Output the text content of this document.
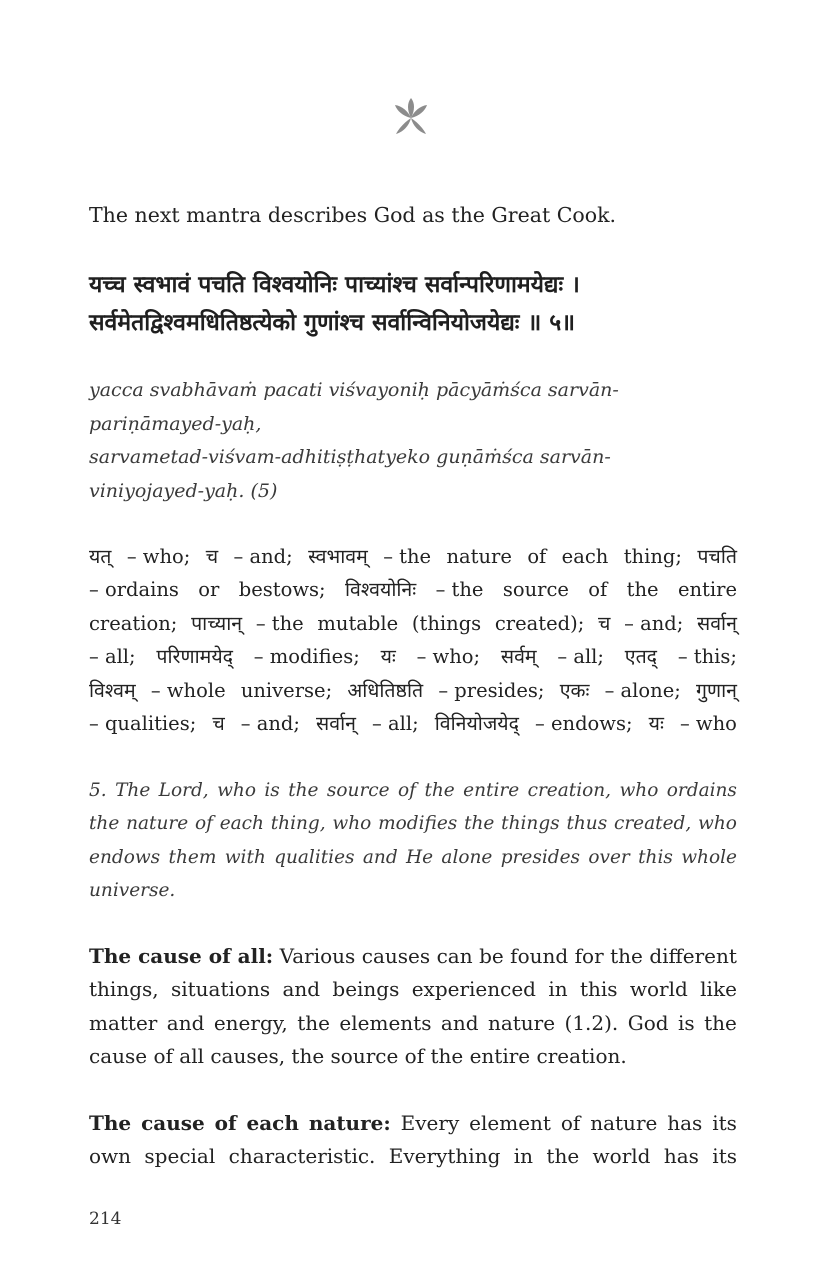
The next mantra describes God as the Great Cook.
यच्च स्वभावं पचति विश्वयोनिः पाच्यांश्च सर्वान्परिणामयेद्यः ।
सर्वमेतद्विश्वमधितिष्ठत्येको गुणांश्च सर्वान्विनियोजयेद्यः ॥ ५॥
yacca svabhāvaṁ pacati viśvayoniḥ pācyāṁśca sarvān-
pariṇāmayed-yaḥ,
sarvametad-viśvam-adhitiṣṭhatyeko guṇāṁśca sarvān-
viniyojayed-yaḥ. (5)
यत् – who; च – and; स्वभावम् – the nature of each thing; पचति
– ordains or bestows; विश्वयोनिः – the source of the entire
creation; पाच्यान् – the mutable (things created); च – and; सर्वान्
– all; परिणामयेद् – modifies; यः – who; सर्वम् – all; एतद् – this;
विश्वम् – whole universe; अधितिष्ठति – presides; एकः – alone; गुणान्
– qualities; च – and; सर्वान् – all; विनियोजयेद् – endows; यः – who
5. The Lord, who is the source of the entire creation, who ordains
the nature of each thing, who modifies the things thus created, who
endows them with qualities and He alone presides over this whole
universe.
The cause of all: Various causes can be found for the different
things, situations and beings experienced in this world like
matter and energy, the elements and nature (1.2). God is the
cause of all causes, the source of the entire creation.
The cause of each nature: Every element of nature has its
own special characteristic. Everything in the world has its
214
